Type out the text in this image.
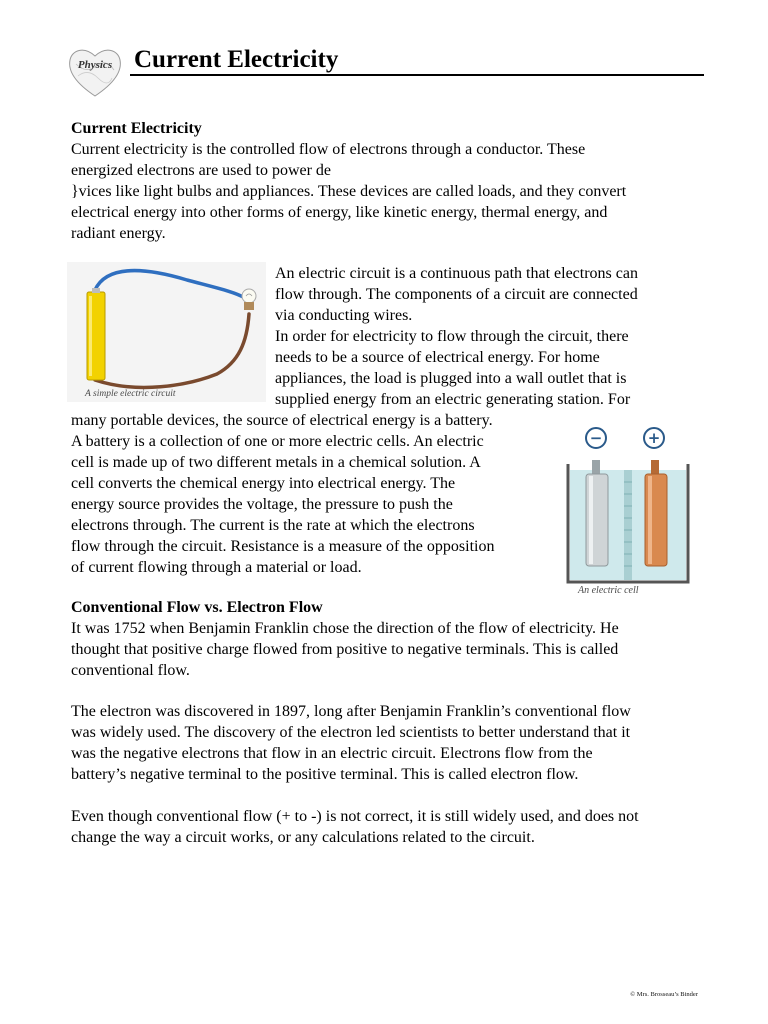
Physics Current Electricity
Current Electricity
Current electricity is the controlled flow of electrons through a conductor. These
energized electrons are used to power de
}vices like light bulbs and appliances. These devices are called loads, and they convert
electrical energy into other forms of energy, like kinetic energy, thermal energy, and
radiant energy.
A simple electric circuit
An electric circuit is a continuous path that electrons can
flow through. The components of a circuit are connected
via conducting wires.
In order for electricity to flow through the circuit, there
needs to be a source of electrical energy. For home
appliances, the load is plugged into a wall outlet that is
supplied energy from an electric generating station. For
many portable devices, the source of electrical energy is a battery.
A battery is a collection of one or more electric cells. An electric
cell is made up of two different metals in a chemical solution. A
cell converts the chemical energy into electrical energy. The
energy source provides the voltage, the pressure to push the
electrons through. The current is the rate at which the electrons
flow through the circuit. Resistance is a measure of the opposition
of current flowing through a material or load.
−	+
An electric cell
Conventional Flow vs. Electron Flow
It was 1752 when Benjamin Franklin chose the direction of the flow of electricity. He
thought that positive charge flowed from positive to negative terminals. This is called
conventional flow.
The electron was discovered in 1897, long after Benjamin Franklin’s conventional flow
was widely used. The discovery of the electron led scientists to better understand that it
was the negative electrons that flow in an electric circuit. Electrons flow from the
battery’s negative terminal to the positive terminal. This is called electron flow.
Even though conventional flow (+ to -) is not correct, it is still widely used, and does not
change the way a circuit works, or any calculations related to the circuit.
© Mrs. Brosseau’s Binder
